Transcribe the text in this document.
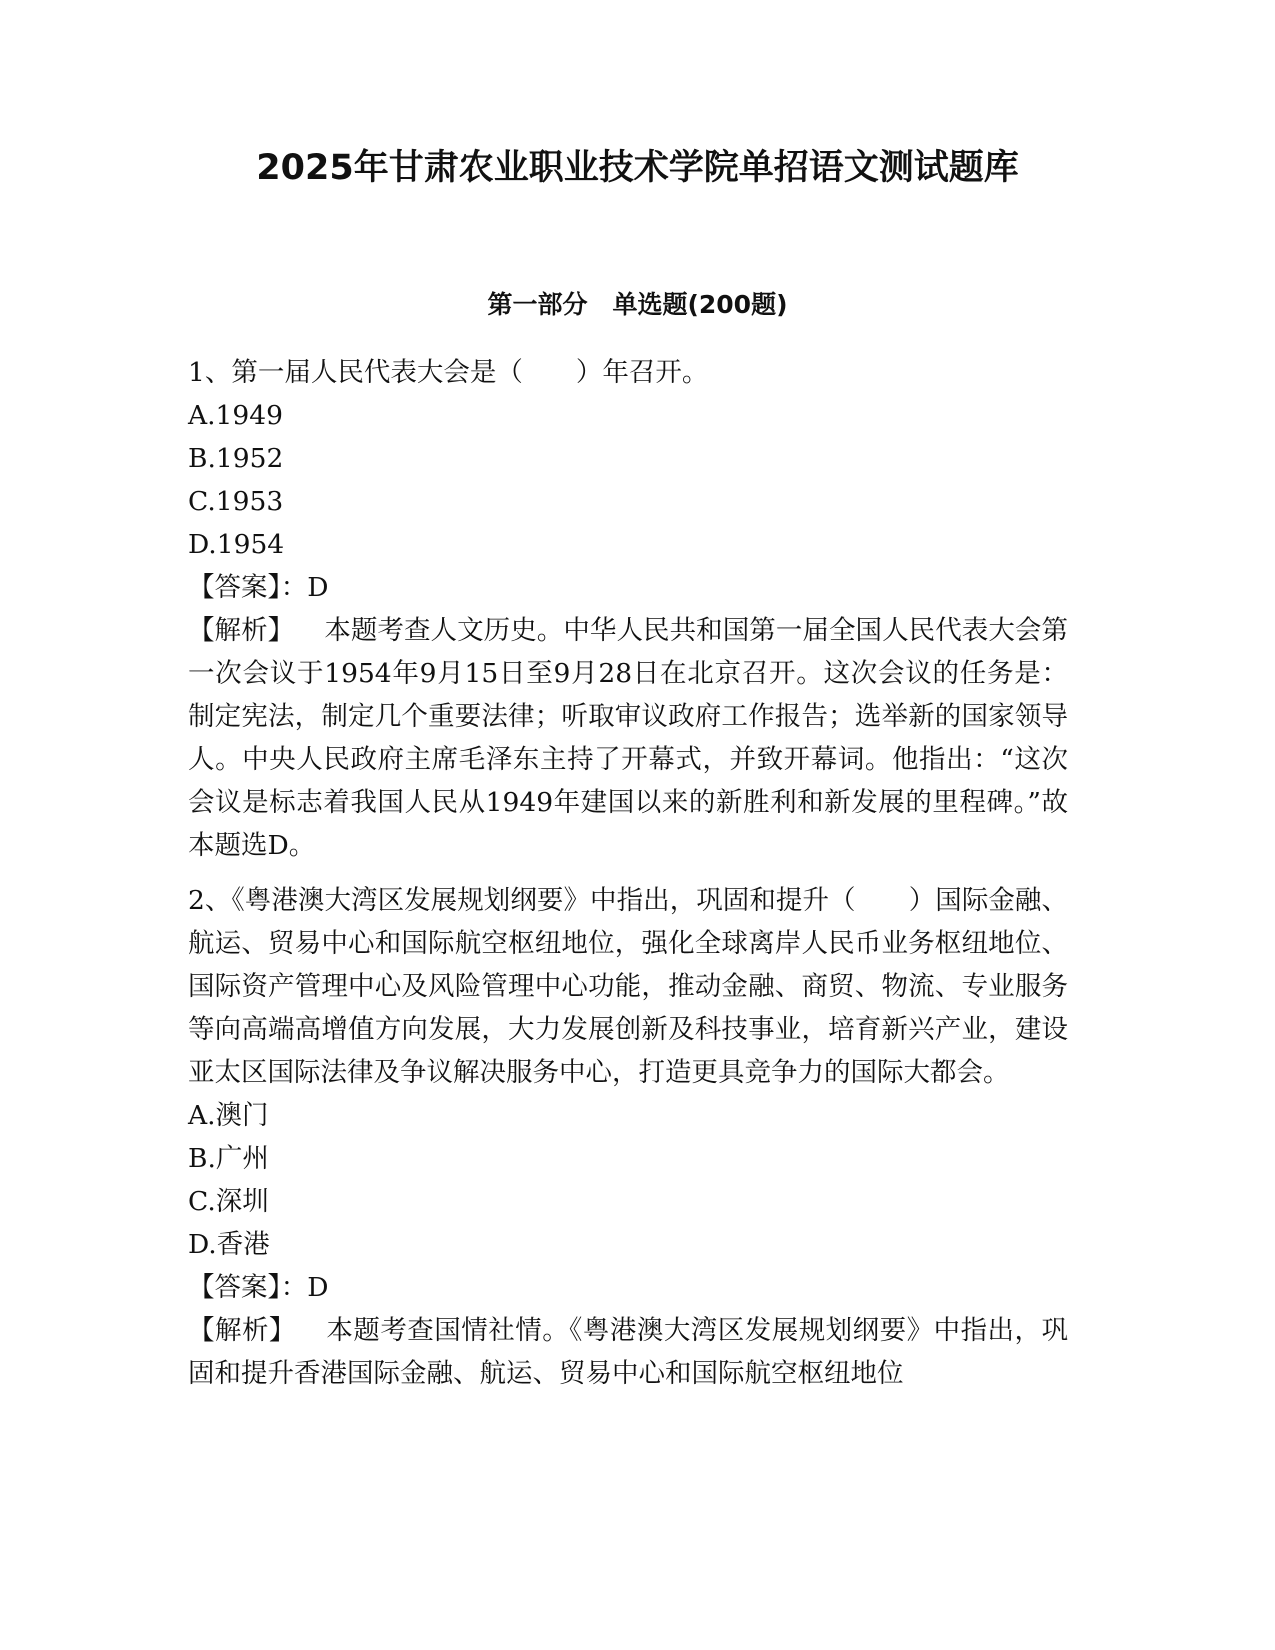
2025年甘肃农业职业技术学院单招语文测试题库
第一部分　单选题(200题)

1、第一届人民代表大会是（　　）年召开。

A.1949
B.1952
C.1953
D.1954

【答案】：D

【解析】 本题考查人文历史。中华人民共和国第一届全国人民代表大会第一次会议于1954年9月15日至9月28日在北京召开。这次会议的任务是：制定宪法，制定几个重要法律；听取审议政府工作报告；选举新的国家领导人。中央人民政府主席毛泽东主持了开幕式，并致开幕词。他指出：“这次会议是标志着我国人民从1949年建国以来的新胜利和新发展的里程碑。”故本题选D。

2、《粤港澳大湾区发展规划纲要》中指出，巩固和提升（　　）国际金融、航运、贸易中心和国际航空枢纽地位，强化全球离岸人民币业务枢纽地位、国际资产管理中心及风险管理中心功能，推动金融、商贸、物流、专业服务等向高端高增值方向发展，大力发展创新及科技事业，培育新兴产业，建设亚太区国际法律及争议解决服务中心，打造更具竞争力的国际大都会。

A.澳门
B.广州
C.深圳
D.香港

【答案】：D

【解析】 本题考查国情社情。《粤港澳大湾区发展规划纲要》中指出，巩固和提升香港国际金融、航运、贸易中心和国际航空枢纽地位
